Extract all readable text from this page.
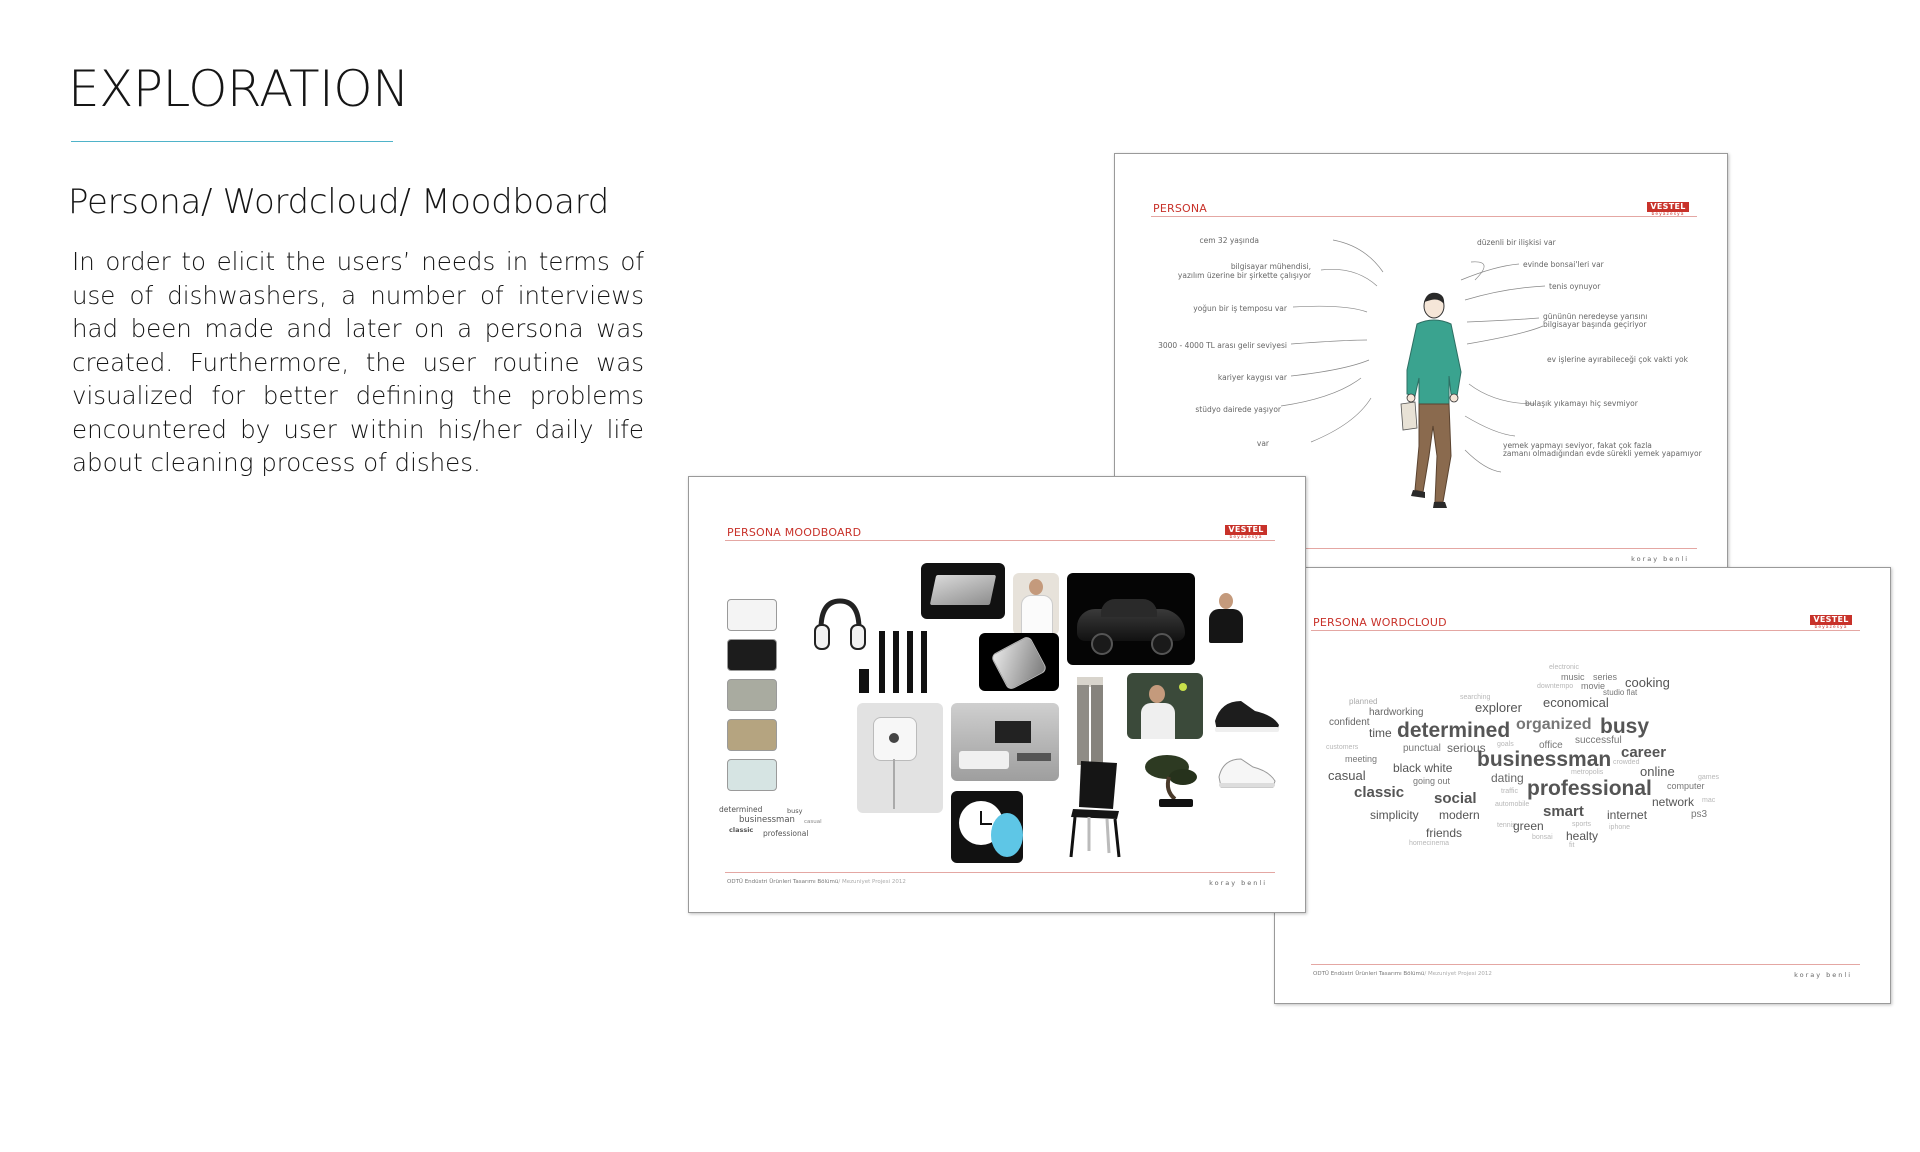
EXPLORATION
Persona/ Wordcloud/ Moodboard
In order to elicit the users’ needs in terms of use of dishwashers, a number of interviews had been made and later on a persona was created. Furthermore, the user routine was visualized for better defining the problems encountered by user within his/her daily life about cleaning process of dishes.
PERSONA	VESTEL
beyazesya
cem 32 yaşında
bilgisayar mühendisi,
yazılım üzerine bir şirkette çalışıyor
yoğun bir iş temposu var
3000 - 4000 TL arası gelir seviyesi
kariyer kaygısı var
stüdyo dairede yaşıyor
var
düzenli bir ilişkisi var
evinde bonsai'leri var
tenis oynuyor
gününün neredeyse yarısını
bilgisayar başında geçiriyor
ev işlerine ayırabileceği çok vakti yok
bulaşık yıkamayı hiç sevmiyor
yemek yapmayı seviyor, fakat çok fazla
zamanı olmadığından evde sürekli yemek yapamıyor
koray benli
PERSONA WORDCLOUD	VESTEL
beyazesya
electronic
music series cooking
downtempo movie
studio flat
planned	searching
explorer economical
hardworking
confident
time determined organized busy
successful
office
customers	punctual serious goals	career
meeting	businessman crowded
black white	online
casual	metropolis
dating	games
going out	professional computer
classic social	traffic
network mac
automobile smart
simplicity modern	internet	ps3
tennis
green	sports	iphone
friends	healty
bonsai
homecinema	fit
ODTÜ Endüstri Ürünleri Tasarımı Bölümü/ Mezuniyet Projesi 2012	koray benli
PERSONA MOODBOARD	VESTEL
beyazesya
determined	busy
businessman casual
classic professional
ODTÜ Endüstri Ürünleri Tasarımı Bölümü/ Mezuniyet Projesi 2012	koray benli
